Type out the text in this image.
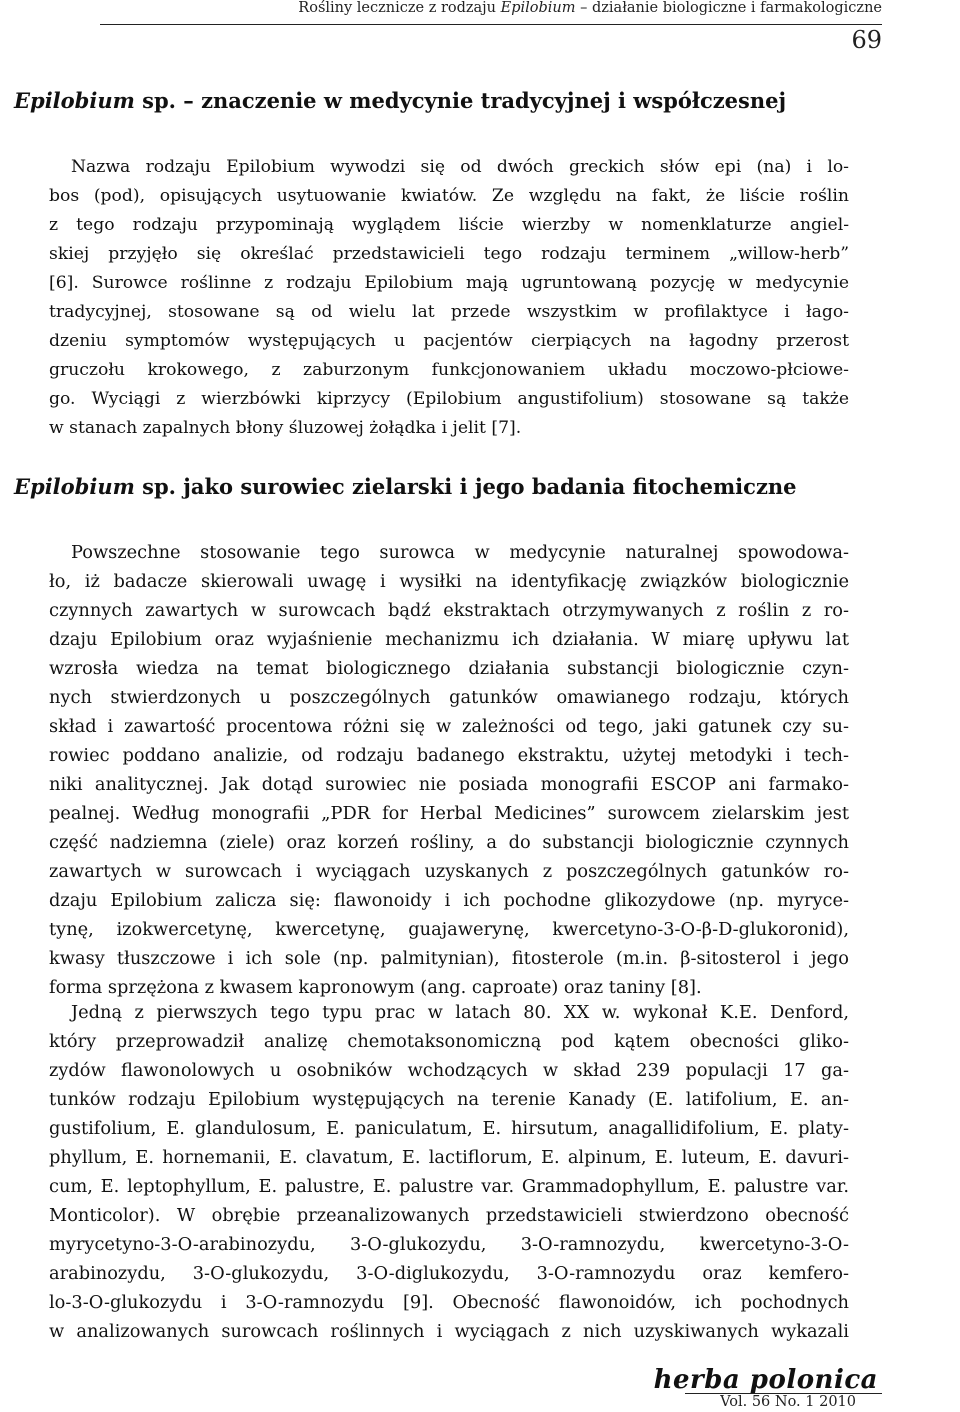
Rośliny lecznicze z rodzaju Epilobium – działanie biologiczne i farmakologiczne
69
Epilobium sp. – znaczenie w medycynie tradycyjnej i współczesnej
Nazwa rodzaju Epilobium wywodzi się od dwóch greckich słów epi (na) i lo-
bos (pod), opisujących usytuowanie kwiatów. Ze względu na fakt, że liście roślin
z tego rodzaju przypominają wyglądem liście wierzby w nomenklaturze angiel-
skiej przyjęło się określać przedstawicieli tego rodzaju terminem „willow-herb”
[6]. Surowce roślinne z rodzaju Epilobium mają ugruntowaną pozycję w medycynie
tradycyjnej, stosowane są od wielu lat przede wszystkim w profilaktyce i łago-
dzeniu symptomów występujących u pacjentów cierpiących na łagodny przerost
gruczołu krokowego, z zaburzonym funkcjonowaniem układu moczowo-płciowe-
go. Wyciągi z wierzbówki kiprzycy (Epilobium angustifolium) stosowane są także
w stanach zapalnych błony śluzowej żołądka i jelit [7].
Epilobium sp. jako surowiec zielarski i jego badania fitochemiczne
Powszechne stosowanie tego surowca w medycynie naturalnej spowodowa-
ło, iż badacze skierowali uwagę i wysiłki na identyfikację związków biologicznie
czynnych zawartych w surowcach bądź ekstraktach otrzymywanych z roślin z ro-
dzaju Epilobium oraz wyjaśnienie mechanizmu ich działania. W miarę upływu lat
wzrosła wiedza na temat biologicznego działania substancji biologicznie czyn-
nych stwierdzonych u poszczególnych gatunków omawianego rodzaju, których
skład i zawartość procentowa różni się w zależności od tego, jaki gatunek czy su-
rowiec poddano analizie, od rodzaju badanego ekstraktu, użytej metodyki i tech-
niki analitycznej. Jak dotąd surowiec nie posiada monografii ESCOP ani farmako-
pealnej. Według monografii „PDR for Herbal Medicines” surowcem zielarskim jest
część nadziemna (ziele) oraz korzeń rośliny, a do substancji biologicznie czynnych
zawartych w surowcach i wyciągach uzyskanych z poszczególnych gatunków ro-
dzaju Epilobium zalicza się: flawonoidy i ich pochodne glikozydowe (np. myryce-
tynę, izokwercetynę, kwercetynę, guajawerynę, kwercetyno-3-O-β-D-glukoronid),
kwasy tłuszczowe i ich sole (np. palmitynian), fitosterole (m.in. β-sitosterol i jego
forma sprzężona z kwasem kapronowym (ang. caproate) oraz taniny [8].
Jedną z pierwszych tego typu prac w latach 80. XX w. wykonał K.E. Denford,
który przeprowadził analizę chemotaksonomiczną pod kątem obecności gliko-
zydów flawonolowych u osobników wchodzących w skład 239 populacji 17 ga-
tunków rodzaju Epilobium występujących na terenie Kanady (E. latifolium, E. an-
gustifolium, E. glandulosum, E. paniculatum, E. hirsutum, anagallidifolium, E. platy-
phyllum, E. hornemanii, E. clavatum, E. lactiflorum, E. alpinum, E. luteum, E. davuri-
cum, E. leptophyllum, E. palustre, E. palustre var. Grammadophyllum, E. palustre var.
Monticolor). W obrębie przeanalizowanych przedstawicieli stwierdzono obecność
myrycetyno-3-O-arabinozydu, 3-O-glukozydu, 3-O-ramnozydu, kwercetyno-3-O-
arabinozydu, 3-O-glukozydu, 3-O-diglukozydu, 3-O-ramnozydu oraz kemfero-
lo-3-O-glukozydu i 3-O-ramnozydu [9]. Obecność flawonoidów, ich pochodnych
w analizowanych surowcach roślinnych i wyciągach z nich uzyskiwanych wykazali
herba polonica
Vol. 56 No. 1 2010
